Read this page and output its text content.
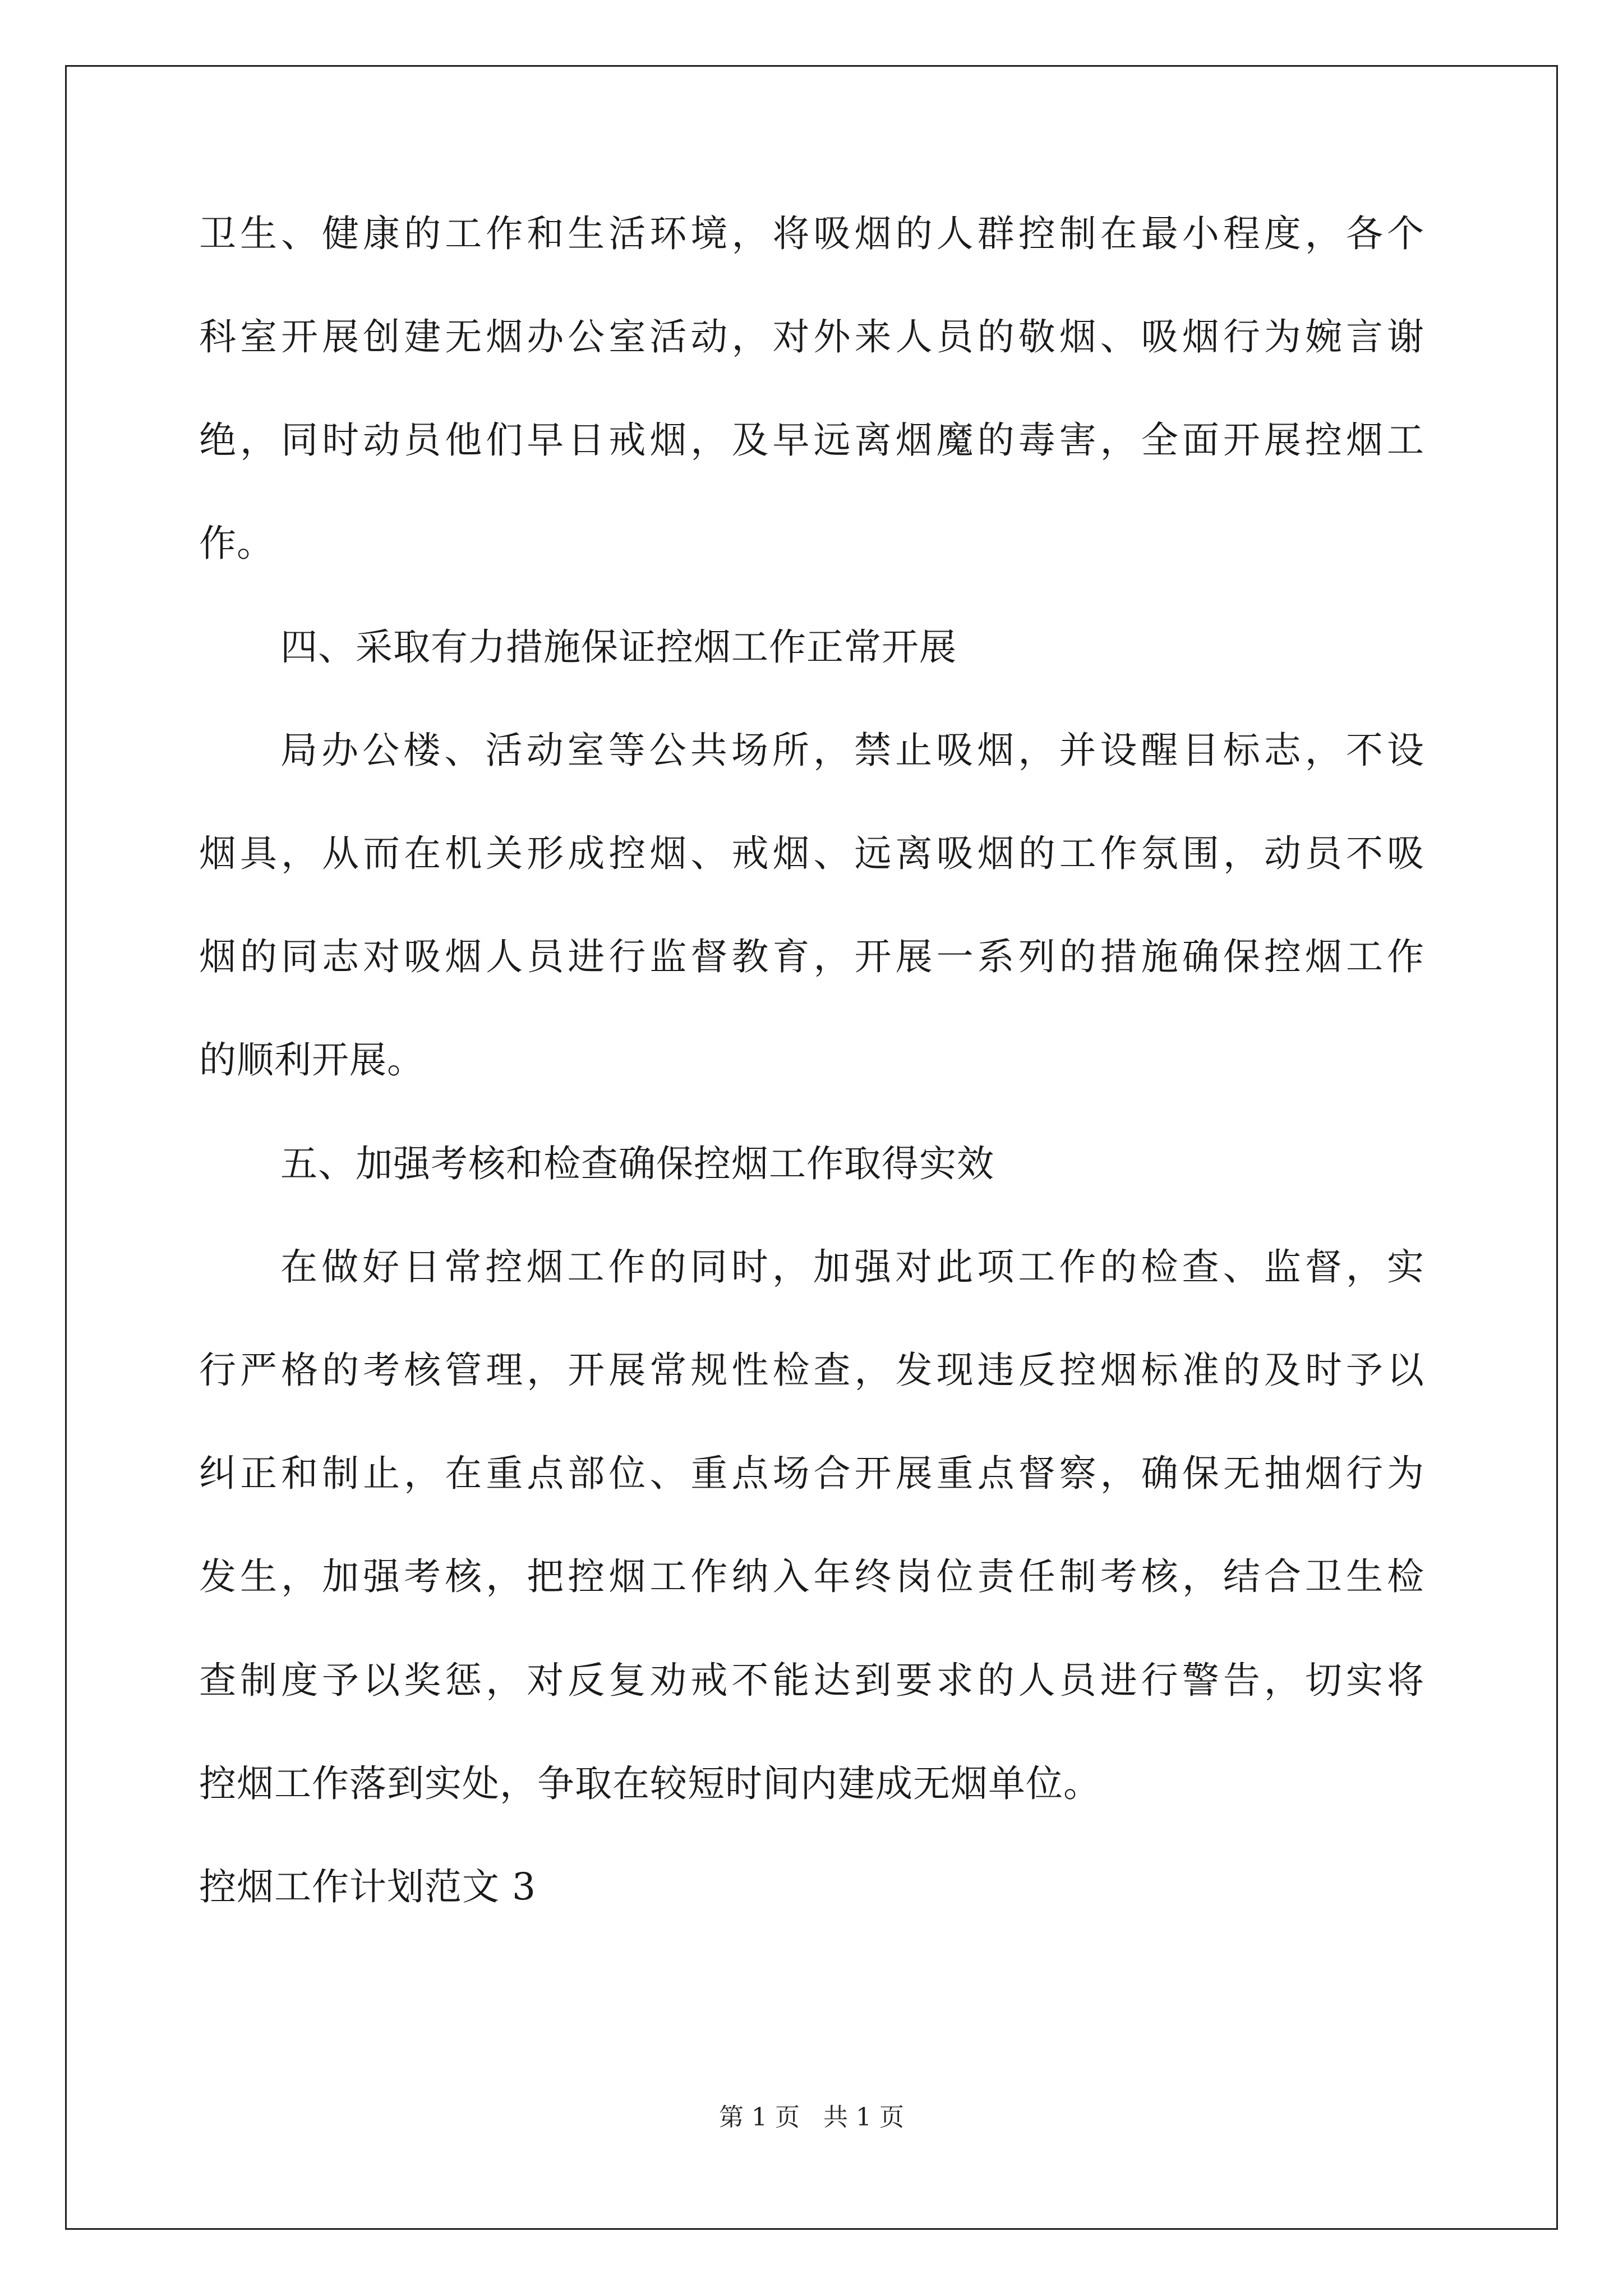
卫生、健康的工作和生活环境，将吸烟的人群控制在最小程度，各个
科室开展创建无烟办公室活动，对外来人员的敬烟、吸烟行为婉言谢
绝，同时动员他们早日戒烟，及早远离烟魔的毒害，全面开展控烟工
作。
四、采取有力措施保证控烟工作正常开展
局办公楼、活动室等公共场所，禁止吸烟，并设醒目标志，不设
烟具，从而在机关形成控烟、戒烟、远离吸烟的工作氛围，动员不吸
烟的同志对吸烟人员进行监督教育，开展一系列的措施确保控烟工作
的顺利开展。
五、加强考核和检查确保控烟工作取得实效
在做好日常控烟工作的同时，加强对此项工作的检查、监督，实
行严格的考核管理，开展常规性检查，发现违反控烟标准的及时予以
纠正和制止，在重点部位、重点场合开展重点督察，确保无抽烟行为
发生，加强考核，把控烟工作纳入年终岗位责任制考核，结合卫生检
查制度予以奖惩，对反复劝戒不能达到要求的人员进行警告，切实将
控烟工作落到实处，争取在较短时间内建成无烟单位。
控烟工作计划范文 3
第 1 页   共 1 页
